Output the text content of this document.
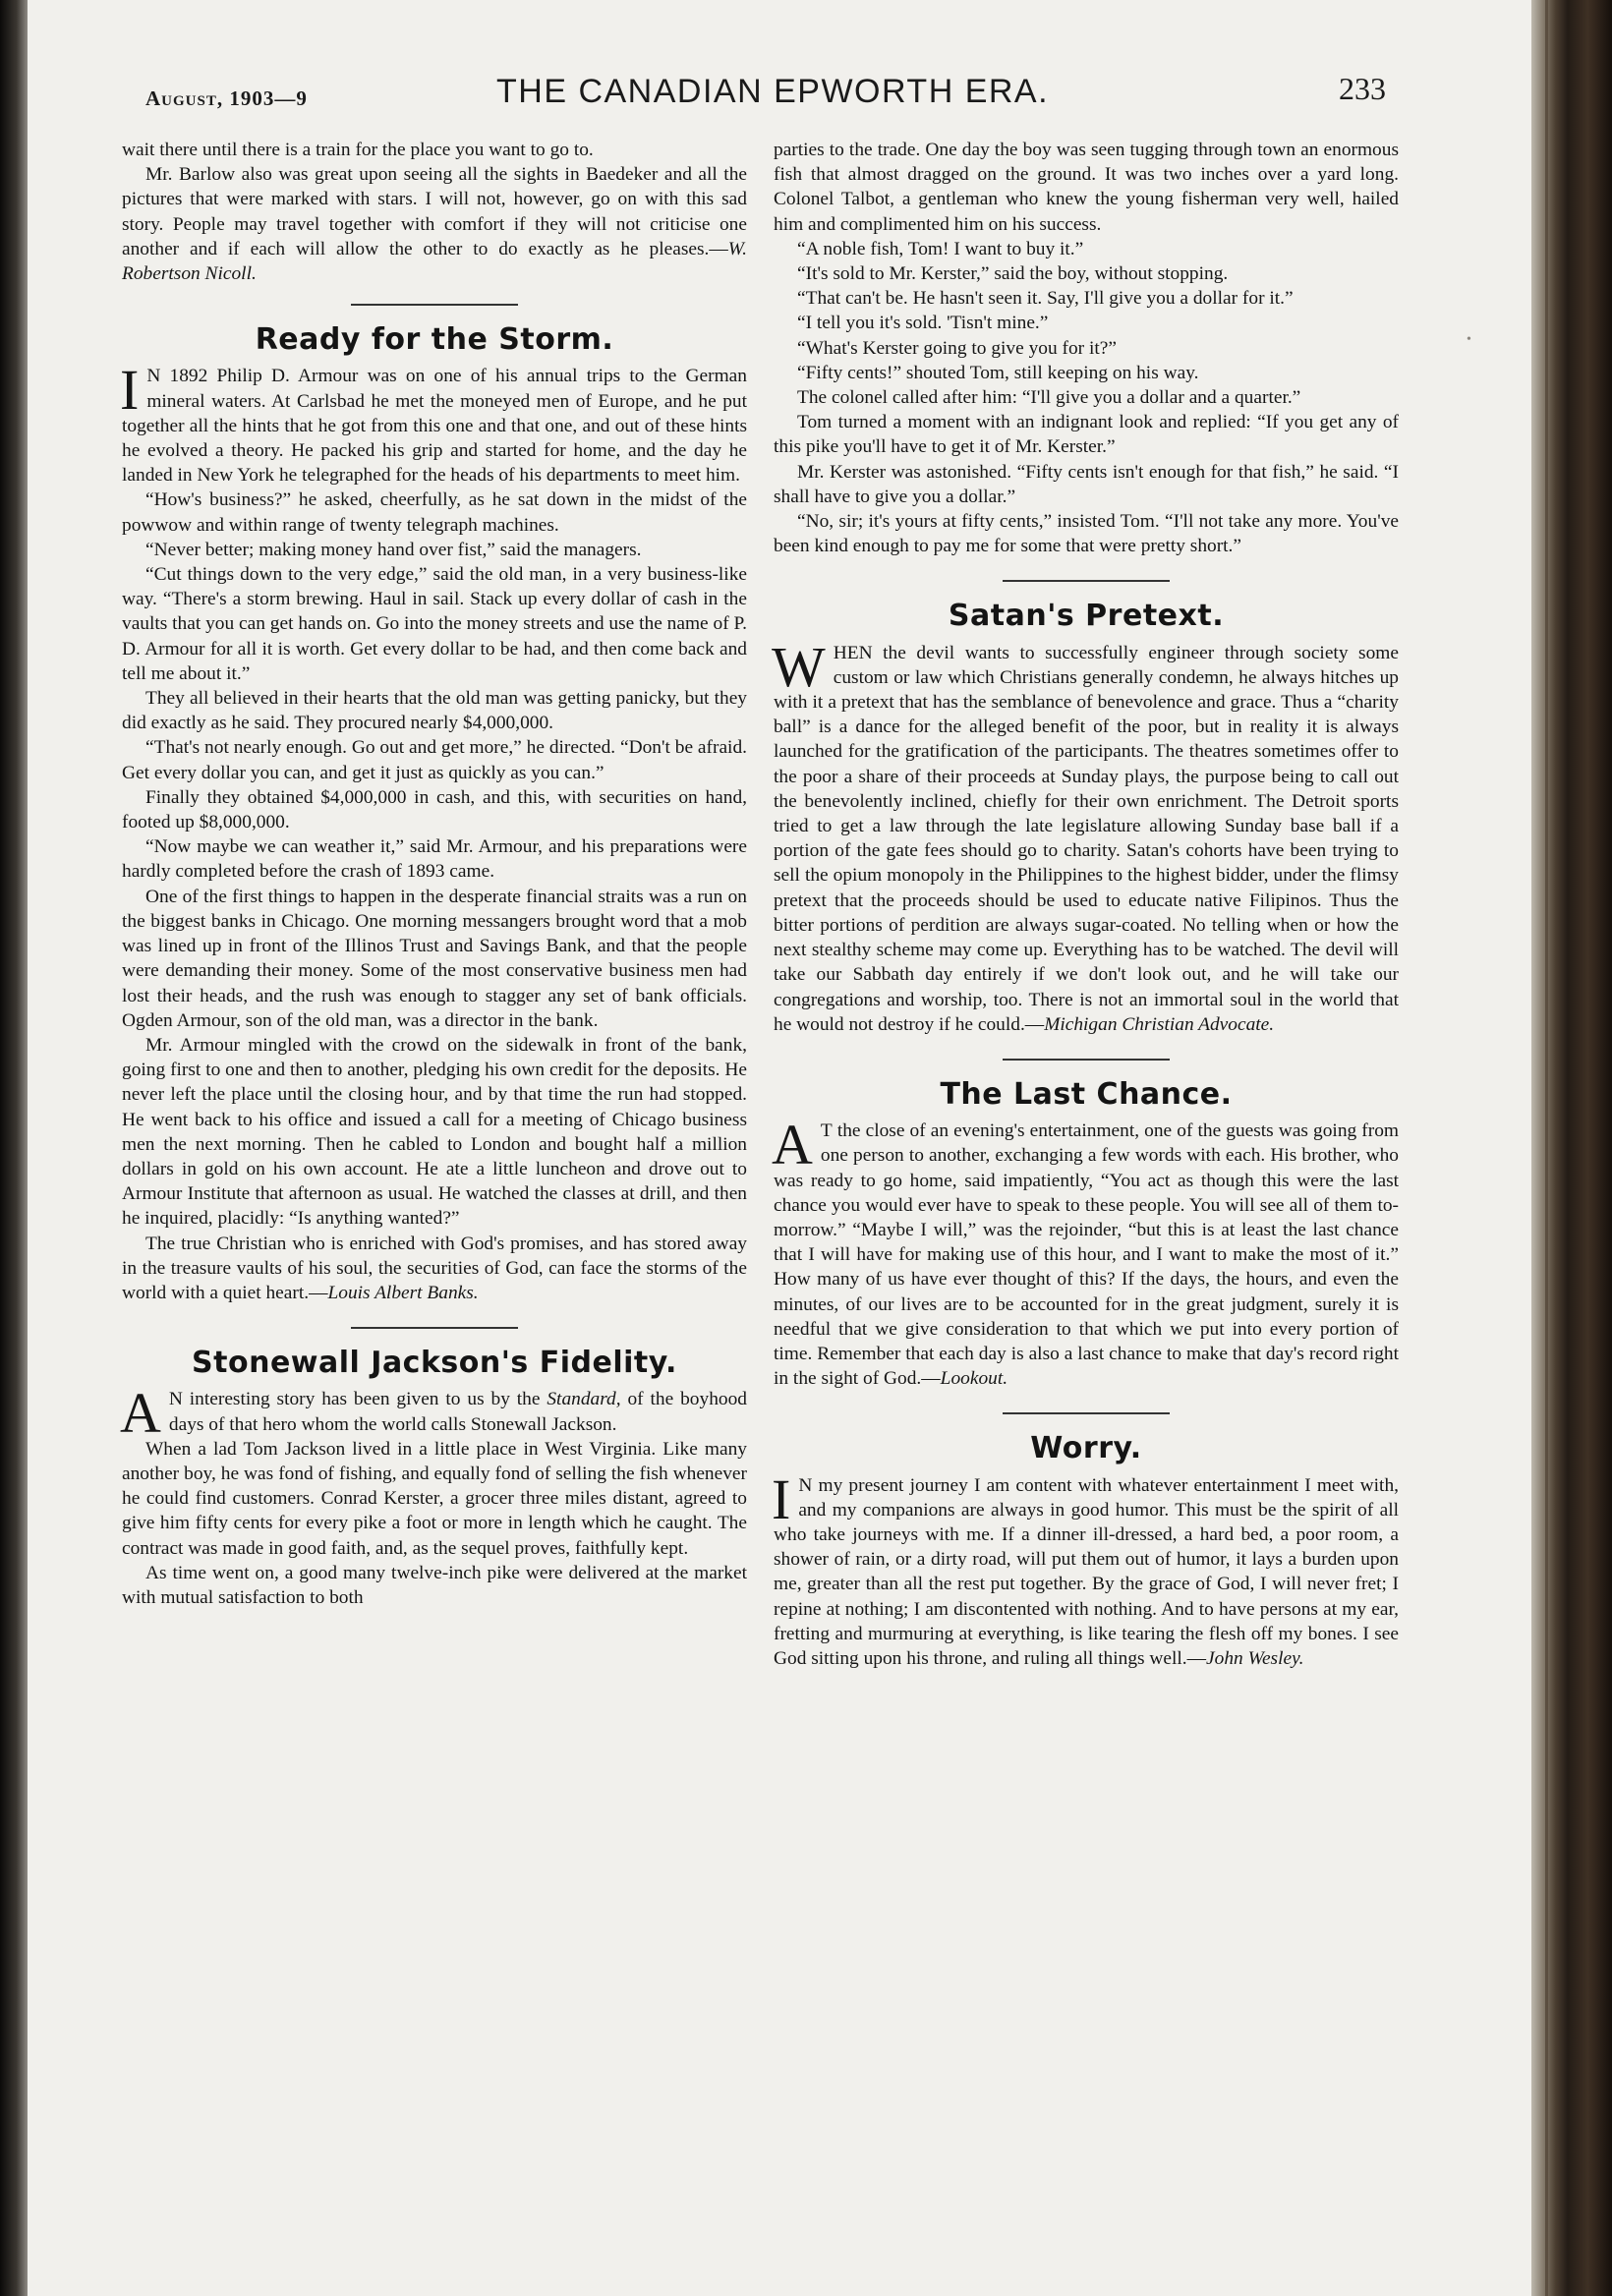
•
August, 1903—9	THE CANADIAN EPWORTH ERA.	233

wait there until there is a train for the place you want to go to.

Mr. Barlow also was great upon seeing all the sights in Baedeker and all the pictures that were marked with stars. I will not, however, go on with this sad story. People may travel together with comfort if they will not criticise one another and if each will allow the other to do exactly as he pleases.—W. Robertson Nicoll.

Ready for the Storm.

I N 1892 Philip D. Armour was on one of his annual trips to the German mineral waters. At Carlsbad he met the moneyed men of Europe, and he put together all the hints that he got from this one and that one, and out of these hints he evolved a theory. He packed his grip and started for home, and the day he landed in New York he telegraphed for the heads of his departments to meet him.

“How's business?” he asked, cheerfully, as he sat down in the midst of the powwow and within range of twenty telegraph machines.

“Never better; making money hand over fist,” said the managers.

“Cut things down to the very edge,” said the old man, in a very business-like way. “There's a storm brewing. Haul in sail. Stack up every dollar of cash in the vaults that you can get hands on. Go into the money streets and use the name of P. D. Armour for all it is worth. Get every dollar to be had, and then come back and tell me about it.”

They all believed in their hearts that the old man was getting panicky, but they did exactly as he said. They procured nearly $4,000,000.

“That's not nearly enough. Go out and get more,” he directed. “Don't be afraid. Get every dollar you can, and get it just as quickly as you can.”

Finally they obtained $4,000,000 in cash, and this, with securities on hand, footed up $8,000,000.

“Now maybe we can weather it,” said Mr. Armour, and his preparations were hardly completed before the crash of 1893 came.

One of the first things to happen in the desperate financial straits was a run on the biggest banks in Chicago. One morning messangers brought word that a mob was lined up in front of the Illinos Trust and Savings Bank, and that the people were demanding their money. Some of the most conservative business men had lost their heads, and the rush was enough to stagger any set of bank officials. Ogden Armour, son of the old man, was a director in the bank.

Mr. Armour mingled with the crowd on the sidewalk in front of the bank, going first to one and then to another, pledging his own credit for the deposits. He never left the place until the closing hour, and by that time the run had stopped. He went back to his office and issued a call for a meeting of Chicago business men the next morning. Then he cabled to London and bought half a million dollars in gold on his own account. He ate a little luncheon and drove out to Armour Institute that afternoon as usual. He watched the classes at drill, and then he inquired, placidly: “Is anything wanted?”

The true Christian who is enriched with God's promises, and has stored away in the treasure vaults of his soul, the securities of God, can face the storms of the world with a quiet heart.—Louis Albert Banks.

Stonewall Jackson's Fidelity.

A N interesting story has been given to us by the Standard, of the boyhood days of that hero whom the world calls Stonewall Jackson.

When a lad Tom Jackson lived in a little place in West Virginia. Like many another boy, he was fond of fishing, and equally fond of selling the fish whenever he could find customers. Conrad Kerster, a grocer three miles distant, agreed to give him fifty cents for every pike a foot or more in length which he caught. The contract was made in good faith, and, as the sequel proves, faithfully kept.

As time went on, a good many twelve-inch pike were delivered at the market with mutual satisfaction to both

parties to the trade. One day the boy was seen tugging through town an enormous fish that almost dragged on the ground. It was two inches over a yard long. Colonel Talbot, a gentleman who knew the young fisherman very well, hailed him and complimented him on his success.

“A noble fish, Tom! I want to buy it.”

“It's sold to Mr. Kerster,” said the boy, without stopping.

“That can't be. He hasn't seen it. Say, I'll give you a dollar for it.”

“I tell you it's sold. 'Tisn't mine.”

“What's Kerster going to give you for it?”

“Fifty cents!” shouted Tom, still keeping on his way.

The colonel called after him: “I'll give you a dollar and a quarter.”

Tom turned a moment with an indignant look and replied: “If you get any of this pike you'll have to get it of Mr. Kerster.”

Mr. Kerster was astonished. “Fifty cents isn't enough for that fish,” he said. “I shall have to give you a dollar.”

“No, sir; it's yours at fifty cents,” insisted Tom. “I'll not take any more. You've been kind enough to pay me for some that were pretty short.”

Satan's Pretext.

WHEN the devil wants to successfully engineer through society some custom or law which Christians generally condemn, he always hitches up with it a pretext that has the semblance of benevolence and grace. Thus a “charity ball” is a dance for the alleged benefit of the poor, but in reality it is always launched for the gratification of the participants. The theatres sometimes offer to the poor a share of their proceeds at Sunday plays, the purpose being to call out the benevolently inclined, chiefly for their own enrichment. The Detroit sports tried to get a law through the late legislature allowing Sunday base ball if a portion of the gate fees should go to charity. Satan's cohorts have been trying to sell the opium monopoly in the Philippines to the highest bidder, under the flimsy pretext that the proceeds should be used to educate native Filipinos. Thus the bitter portions of perdition are always sugar-coated. No telling when or how the next stealthy scheme may come up. Everything has to be watched. The devil will take our Sabbath day entirely if we don't look out, and he will take our congregations and worship, too. There is not an immortal soul in the world that he would not destroy if he could.—Michigan Christian Advocate.

The Last Chance.

A T the close of an evening's entertainment, one of the guests was going from one person to another, exchanging a few words with each. His brother, who was ready to go home, said impatiently, “You act as though this were the last chance you would ever have to speak to these people. You will see all of them to-morrow.” “Maybe I will,” was the rejoinder, “but this is at least the last chance that I will have for making use of this hour, and I want to make the most of it.” How many of us have ever thought of this? If the days, the hours, and even the minutes, of our lives are to be accounted for in the great judgment, surely it is needful that we give consideration to that which we put into every portion of time. Remember that each day is also a last chance to make that day's record right in the sight of God.—Lookout.

Worry.

I N my present journey I am content with whatever entertainment I meet with, and my companions are always in good humor. This must be the spirit of all who take journeys with me. If a dinner ill-dressed, a hard bed, a poor room, a shower of rain, or a dirty road, will put them out of humor, it lays a burden upon me, greater than all the rest put together. By the grace of God, I will never fret; I repine at nothing; I am discontented with nothing. And to have persons at my ear, fretting and murmuring at everything, is like tearing the flesh off my bones. I see God sitting upon his throne, and ruling all things well.—John Wesley.
